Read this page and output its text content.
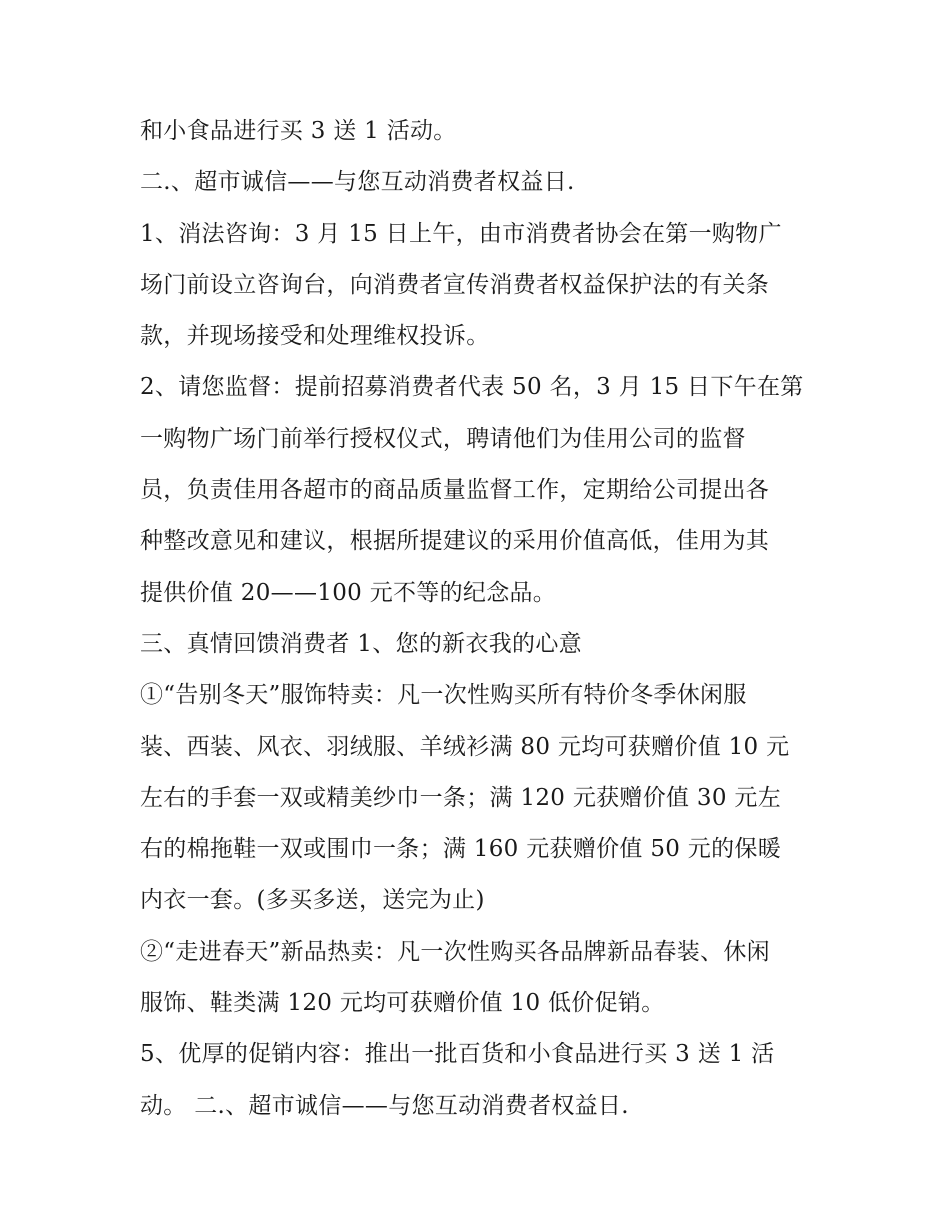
和小食品进行买 3 送 1 活动。
二.、超市诚信——与您互动消费者权益日.
1、消法咨询：3 月 15 日上午，由市消费者协会在第一购物广
场门前设立咨询台，向消费者宣传消费者权益保护法的有关条
款，并现场接受和处理维权投诉。
2、请您监督：提前招募消费者代表 50 名，3 月 15 日下午在第
一购物广场门前举行授权仪式，聘请他们为佳用公司的监督
员，负责佳用各超市的商品质量监督工作，定期给公司提出各
种整改意见和建议，根据所提建议的采用价值高低，佳用为其
提供价值 20——100 元不等的纪念品。
三、真情回馈消费者 1、您的新衣我的心意
①“告别冬天”服饰特卖：凡一次性购买所有特价冬季休闲服
装、西装、风衣、羽绒服、羊绒衫满 80 元均可获赠价值 10 元
左右的手套一双或精美纱巾一条；满 120 元获赠价值 30 元左
右的棉拖鞋一双或围巾一条；满 160 元获赠价值 50 元的保暖
内衣一套。(多买多送，送完为止)
②“走进春天”新品热卖：凡一次性购买各品牌新品春装、休闲
服饰、鞋类满 120 元均可获赠价值 10 低价促销。
5、优厚的促销内容：推出一批百货和小食品进行买 3 送 1 活
动。 二.、超市诚信——与您互动消费者权益日.
